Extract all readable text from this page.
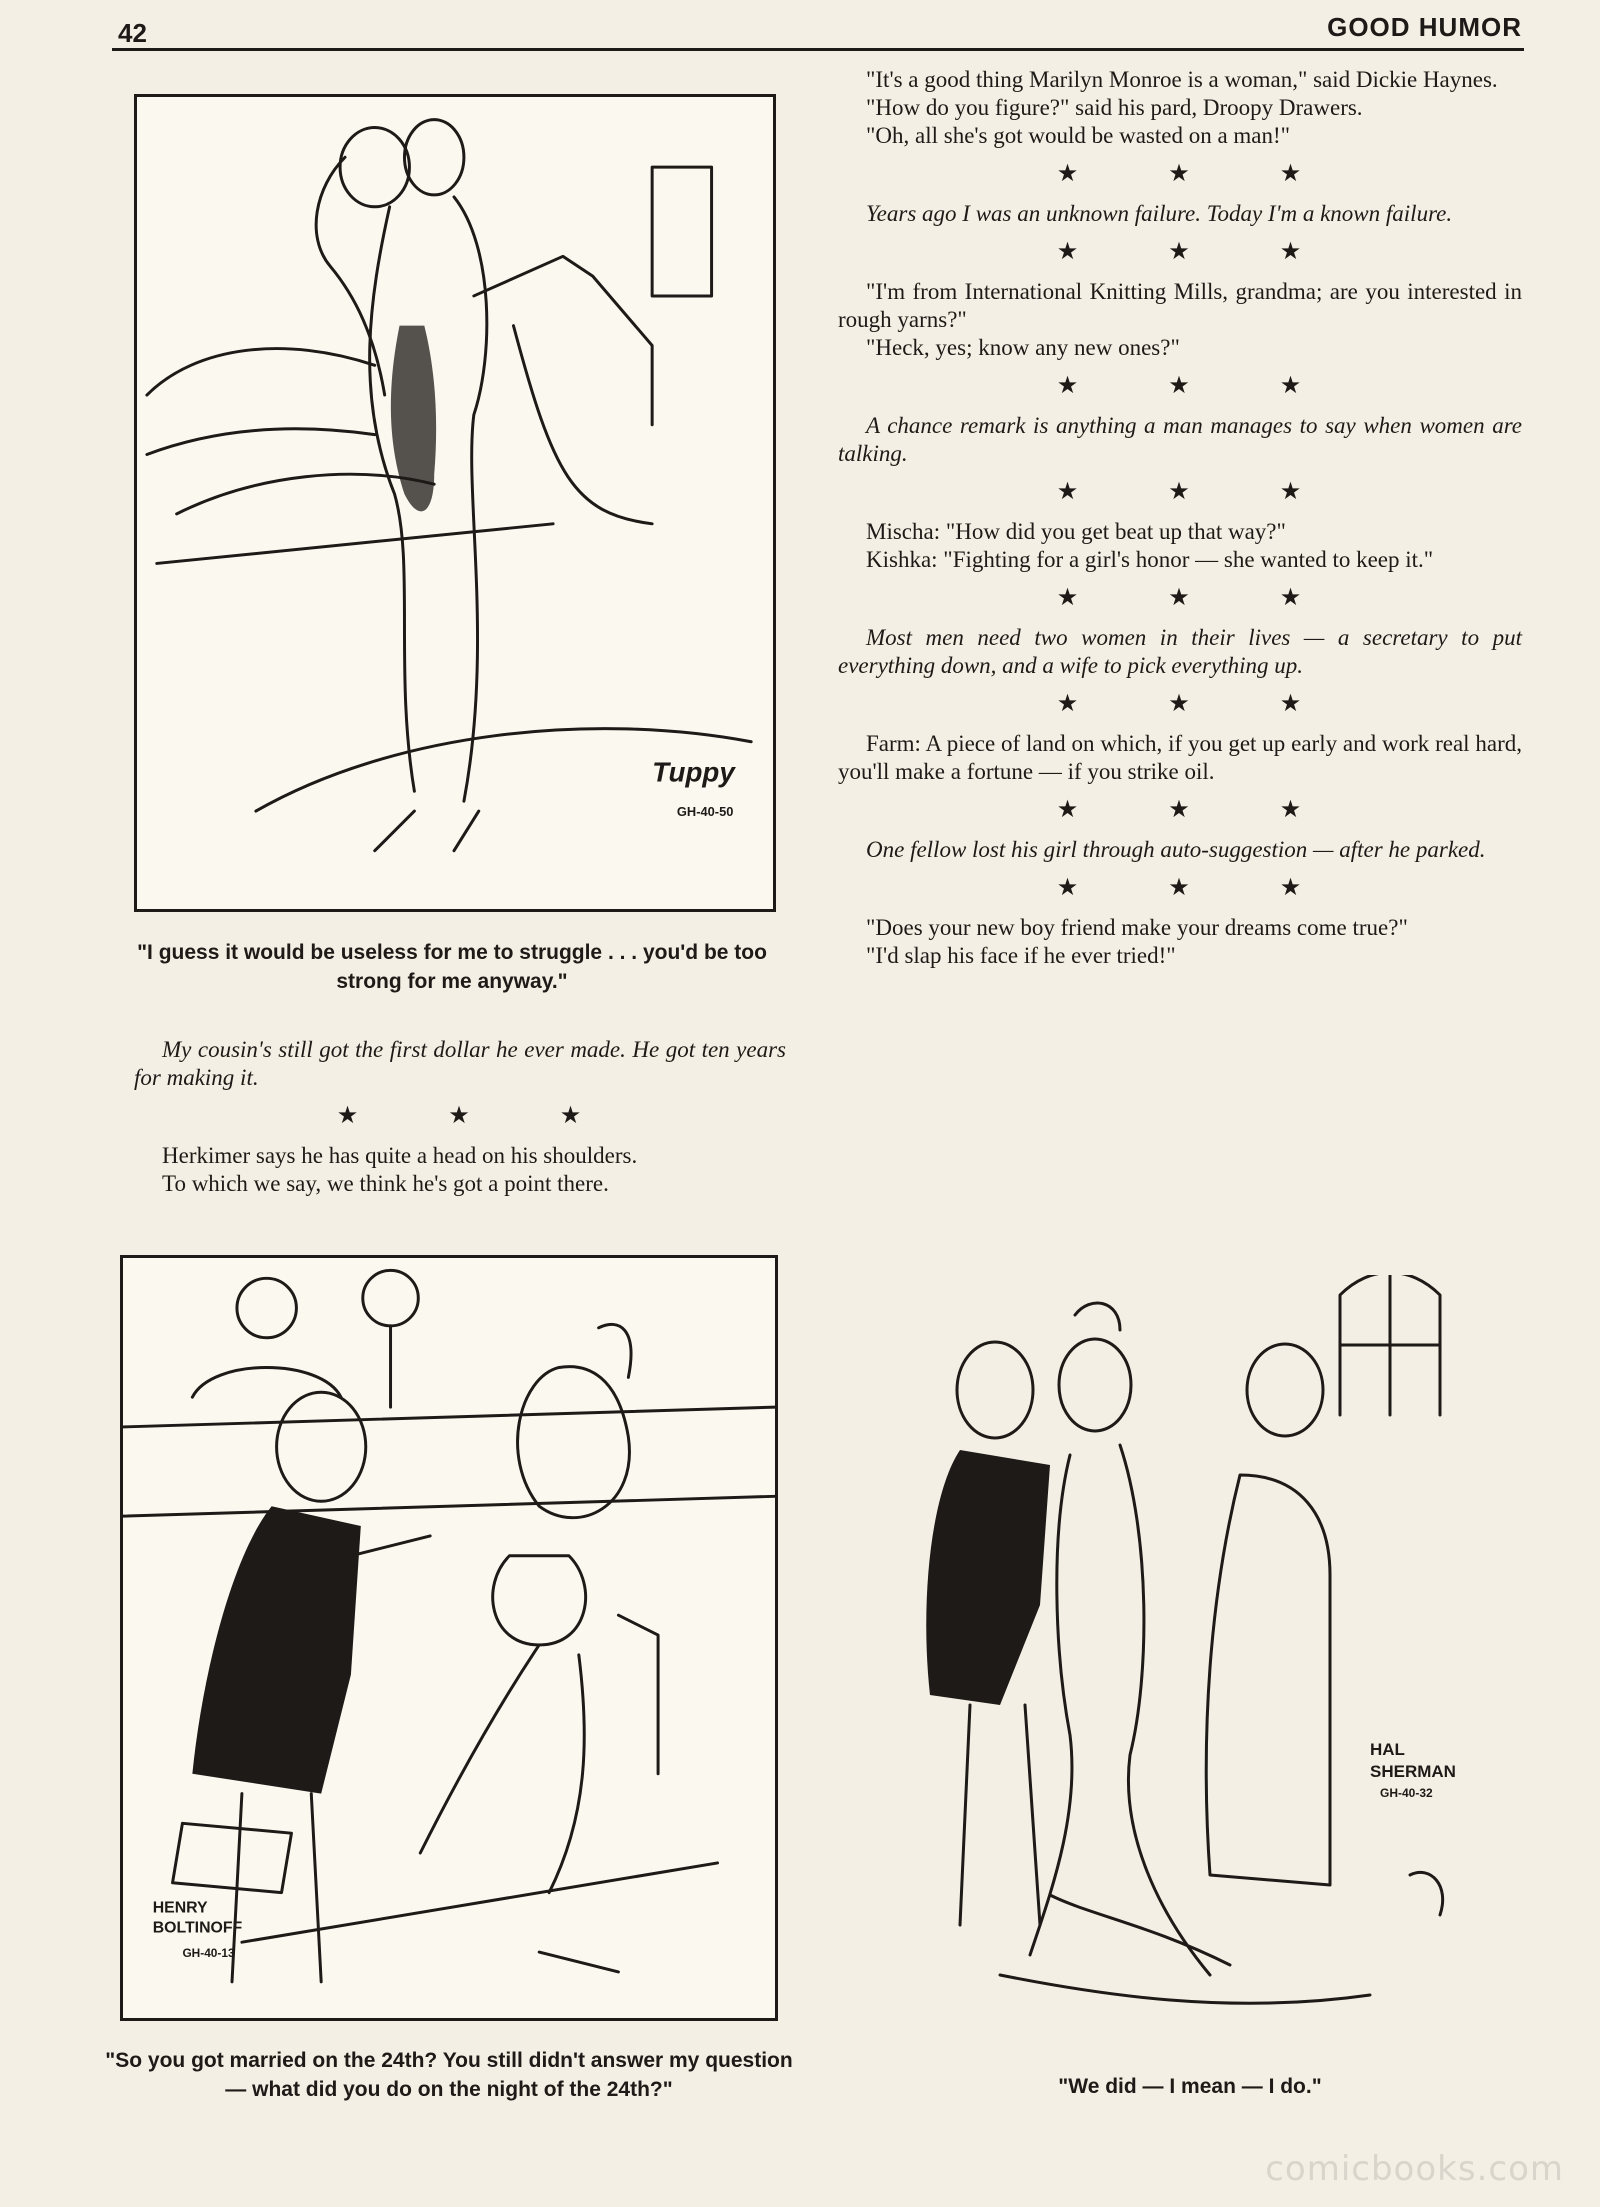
42	GOOD HUMOR
Tuppy
GH-40-50
"I guess it would be useless for me to struggle . . . you'd be too strong for me anyway."

My cousin's still got the first dollar he ever made. He got ten years for making it.

★ ★ ★

Herkimer says he has quite a head on his shoulders.

To which we say, we think he's got a point there.

HENRY
BOLTINOFF
GH-40-13
"So you got married on the 24th? You still didn't answer my question — what did you do on the night of the 24th?"

"It's a good thing Marilyn Monroe is a woman," said Dickie Haynes.

"How do you figure?" said his pard, Droopy Drawers.

"Oh, all she's got would be wasted on a man!"

★ ★ ★

Years ago I was an unknown failure. Today I'm a known failure.

★ ★ ★

"I'm from International Knitting Mills, grandma; are you interested in rough yarns?"

"Heck, yes; know any new ones?"

★ ★ ★

A chance remark is anything a man manages to say when women are talking.

★ ★ ★

Mischa: "How did you get beat up that way?"

Kishka: "Fighting for a girl's honor — she wanted to keep it."

★ ★ ★

Most men need two women in their lives — a secretary to put everything down, and a wife to pick everything up.

★ ★ ★

Farm: A piece of land on which, if you get up early and work real hard, you'll make a fortune — if you strike oil.

★ ★ ★

One fellow lost his girl through auto-suggestion — after he parked.

★ ★ ★

"Does your new boy friend make your dreams come true?"

"I'd slap his face if he ever tried!"

HAL
SHERMAN
GH-40-32
"We did — I mean — I do."
comicbooks.com
